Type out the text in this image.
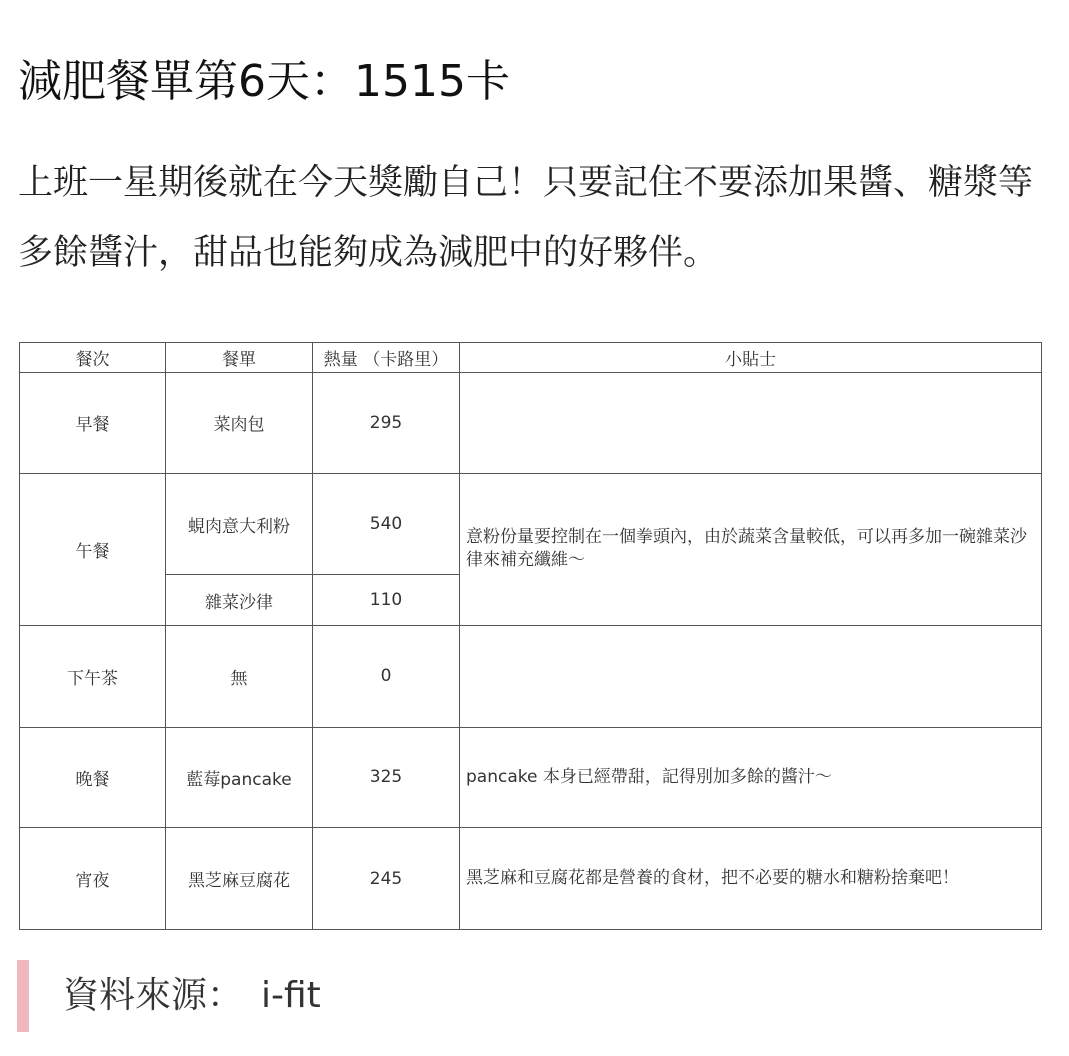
減肥餐單第6天：1515卡

上班一星期後就在今天獎勵自己！只要記住不要添加果醬、糖漿等多餘醬汁，甜品也能夠成為減肥中的好夥伴。

餐次	餐單	熱量 （卡路里）	小貼士
早餐	菜肉包	295	
午餐	蜆肉意大利粉	540	意粉份量要控制在一個拳頭內，由於蔬菜含量較低，可以再多加一碗雜菜沙律來補充纖維～
	雜菜沙律	110	
下午茶	無	0	
晚餐	藍莓pancake	325	pancake 本身已經帶甜，記得別加多餘的醬汁～
宵夜	黑芝麻豆腐花	245	黑芝麻和豆腐花都是營養的食材，把不必要的糖水和糖粉捨棄吧！
資料來源： i-fit
